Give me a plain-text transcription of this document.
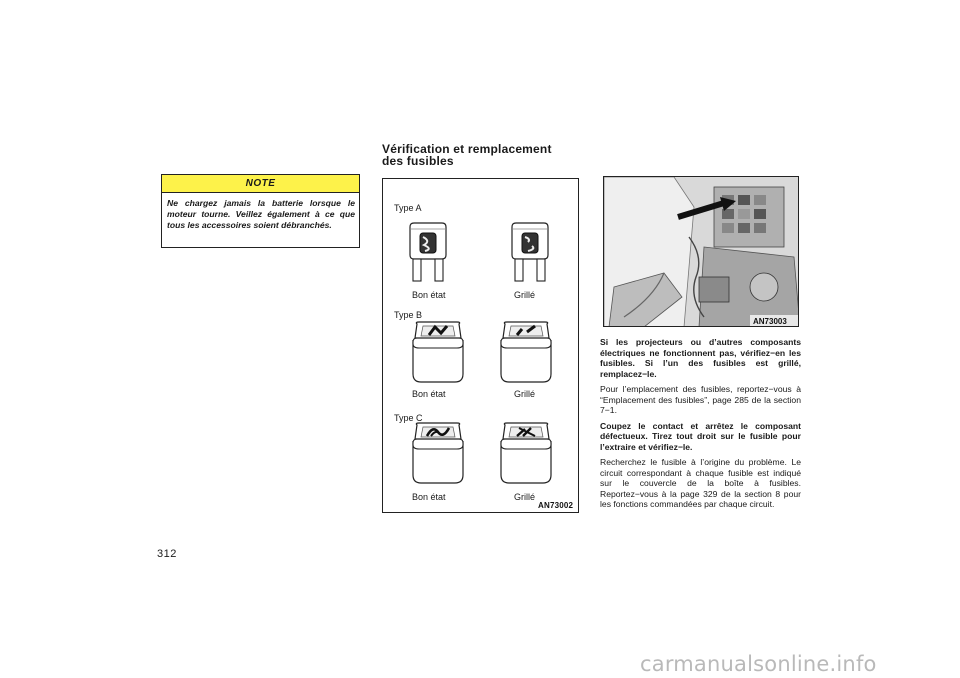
NOTE
Ne chargez jamais la batterie lorsque le moteur tourne. Veillez également à ce que tous les accessoires soient débranchés.
Vérification et remplacement
des fusibles
Type A
Bon état	Grillé
Type B
Bon état	Grillé
Type C
Bon état	Grillé
AN73002
AN73003

Si les projecteurs ou d’autres composants électriques ne fonctionnent pas, vérifiez−en les fusibles. Si l’un des fusibles est grillé, remplacez−le.

Pour l’emplacement des fusibles, reportez−vous à “Emplacement des fusibles”, page 285 de la section 7−1.

Coupez le contact et arrêtez le composant défectueux. Tirez tout droit sur le fusible pour l’extraire et vérifiez−le.

Recherchez le fusible à l’origine du problème. Le circuit correspondant à chaque fusible est indiqué sur le couvercle de la boîte à fusibles. Reportez−vous à la page 329 de la section 8 pour les fonctions commandées par chaque circuit.

312
carmanualsonline.info
